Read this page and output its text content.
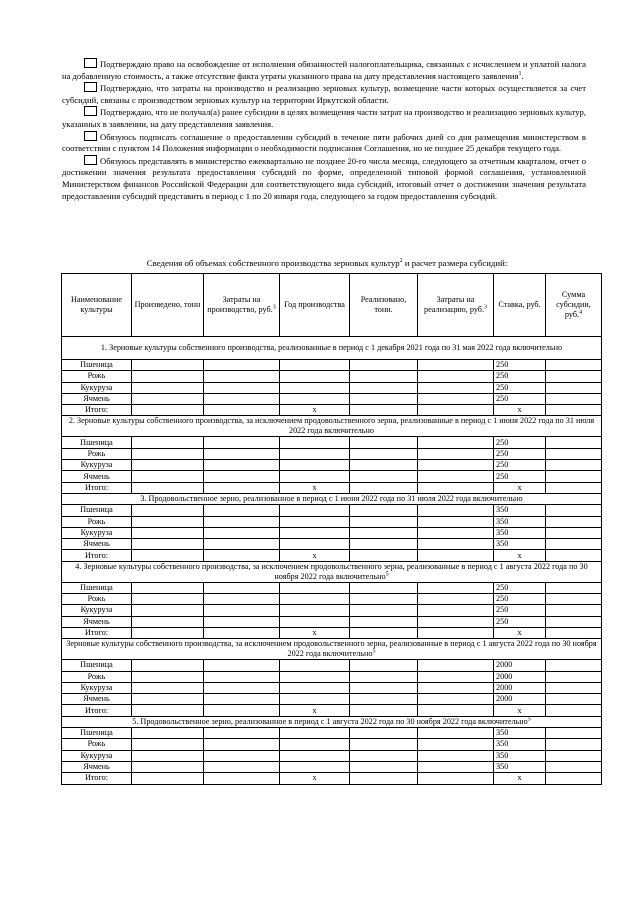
Подтверждаю право на освобождение от исполнения обязанностей налогоплательщика, связанных с исчислением и уплатой налога на добавленную стоимость, а также отсутствие факта утраты указанного права на дату представления настоящего заявления$^1$.

Подтверждаю, что затраты на производство и реализацию зерновых культур, возмещение части которых осуществляется за счет субсидий, связаны с производством зерновых культур на территории Иркутской области.

Подтверждаю, что не получал(а) ранее субсидии в целях возмещения части затрат на производство и реализацию зерновых культур, указанных в заявлении, на дату представления заявления.

Обязуюсь подписать соглашение о предоставлении субсидий в течение пяти рабочих дней со дня размещения министерством в соответствии с пунктом 14 Положения информации о необходимости подписания Соглашения, но не позднее 25 декабря текущего года.

Обязуюсь представлять в министерство ежеквартально не позднее 20-го числа месяца, следующего за отчетным кварталом, отчет о достижении значения результата предоставления субсидий по форме, определенной типовой формой соглашения, установленной Министерством финансов Российской Федерации для соответствующего вида субсидий, итоговый отчет о достижении значения результата предоставления субсидий представить в период с 1 по 20 января года, следующего за годом предоставления субсидий.

Сведения об объемах собственного производства зерновых культур$^2$ и расчет размера субсидий:
Наименование культуры	Произведено, тонн	Затраты на производство, руб.$^3$	Год производства	Реализовано, тонн.	Затраты на реализацию, руб.$^3$	Ставка, руб.	Сумма субсидии, руб.$^4$
1. Зерновые культуры собственного производства, реализованные в период с 1 декабря 2021 года по 31 мая 2022 года включительно							
Пшеница						250	
Рожь						250	
Кукуруза						250	
Ячмень						250	
Итого:			x			x	
2. Зерновые культуры собственного производства, за исключением продовольственного зерна, реализованные в период с 1 июня 2022 года по 31 июля 2022 года включительно							
Пшеница						250	
Рожь						250	
Кукуруза						250	
Ячмень						250	
Итого:			x			x	
3. Продовольственное зерно, реализованное в период с 1 июня 2022 года по 31 июля 2022 года включительно							
Пшеница						350	
Рожь						350	
Кукуруза						350	
Ячмень						350	
Итого:			x			x	
4. Зерновые культуры собственного производства, за исключением продовольственного зерна, реализованные в период с 1 августа 2022 года по 30 ноября 2022 года включительно$^5$
Пшеница						250	
Рожь						250	
Кукуруза						250	
Ячмень						250	
Итого:			x			x	
Зерновые культуры собственного производства, за исключением продовольственного зерна, реализованные в период с 1 августа 2022 года по 30 ноября 2022 года включительно$^5$
Пшеница						2000	
Рожь						2000	
Кукуруза						2000	
Ячмень						2000	
Итого:			x			x	
5. Продовольственное зерно, реализованное в период с 1 августа 2022 года по 30 ноября 2022 года включительно$^5$
Пшеница						350	
Рожь						350	
Кукуруза						350	
Ячмень						350	
Итого:			x			x	
